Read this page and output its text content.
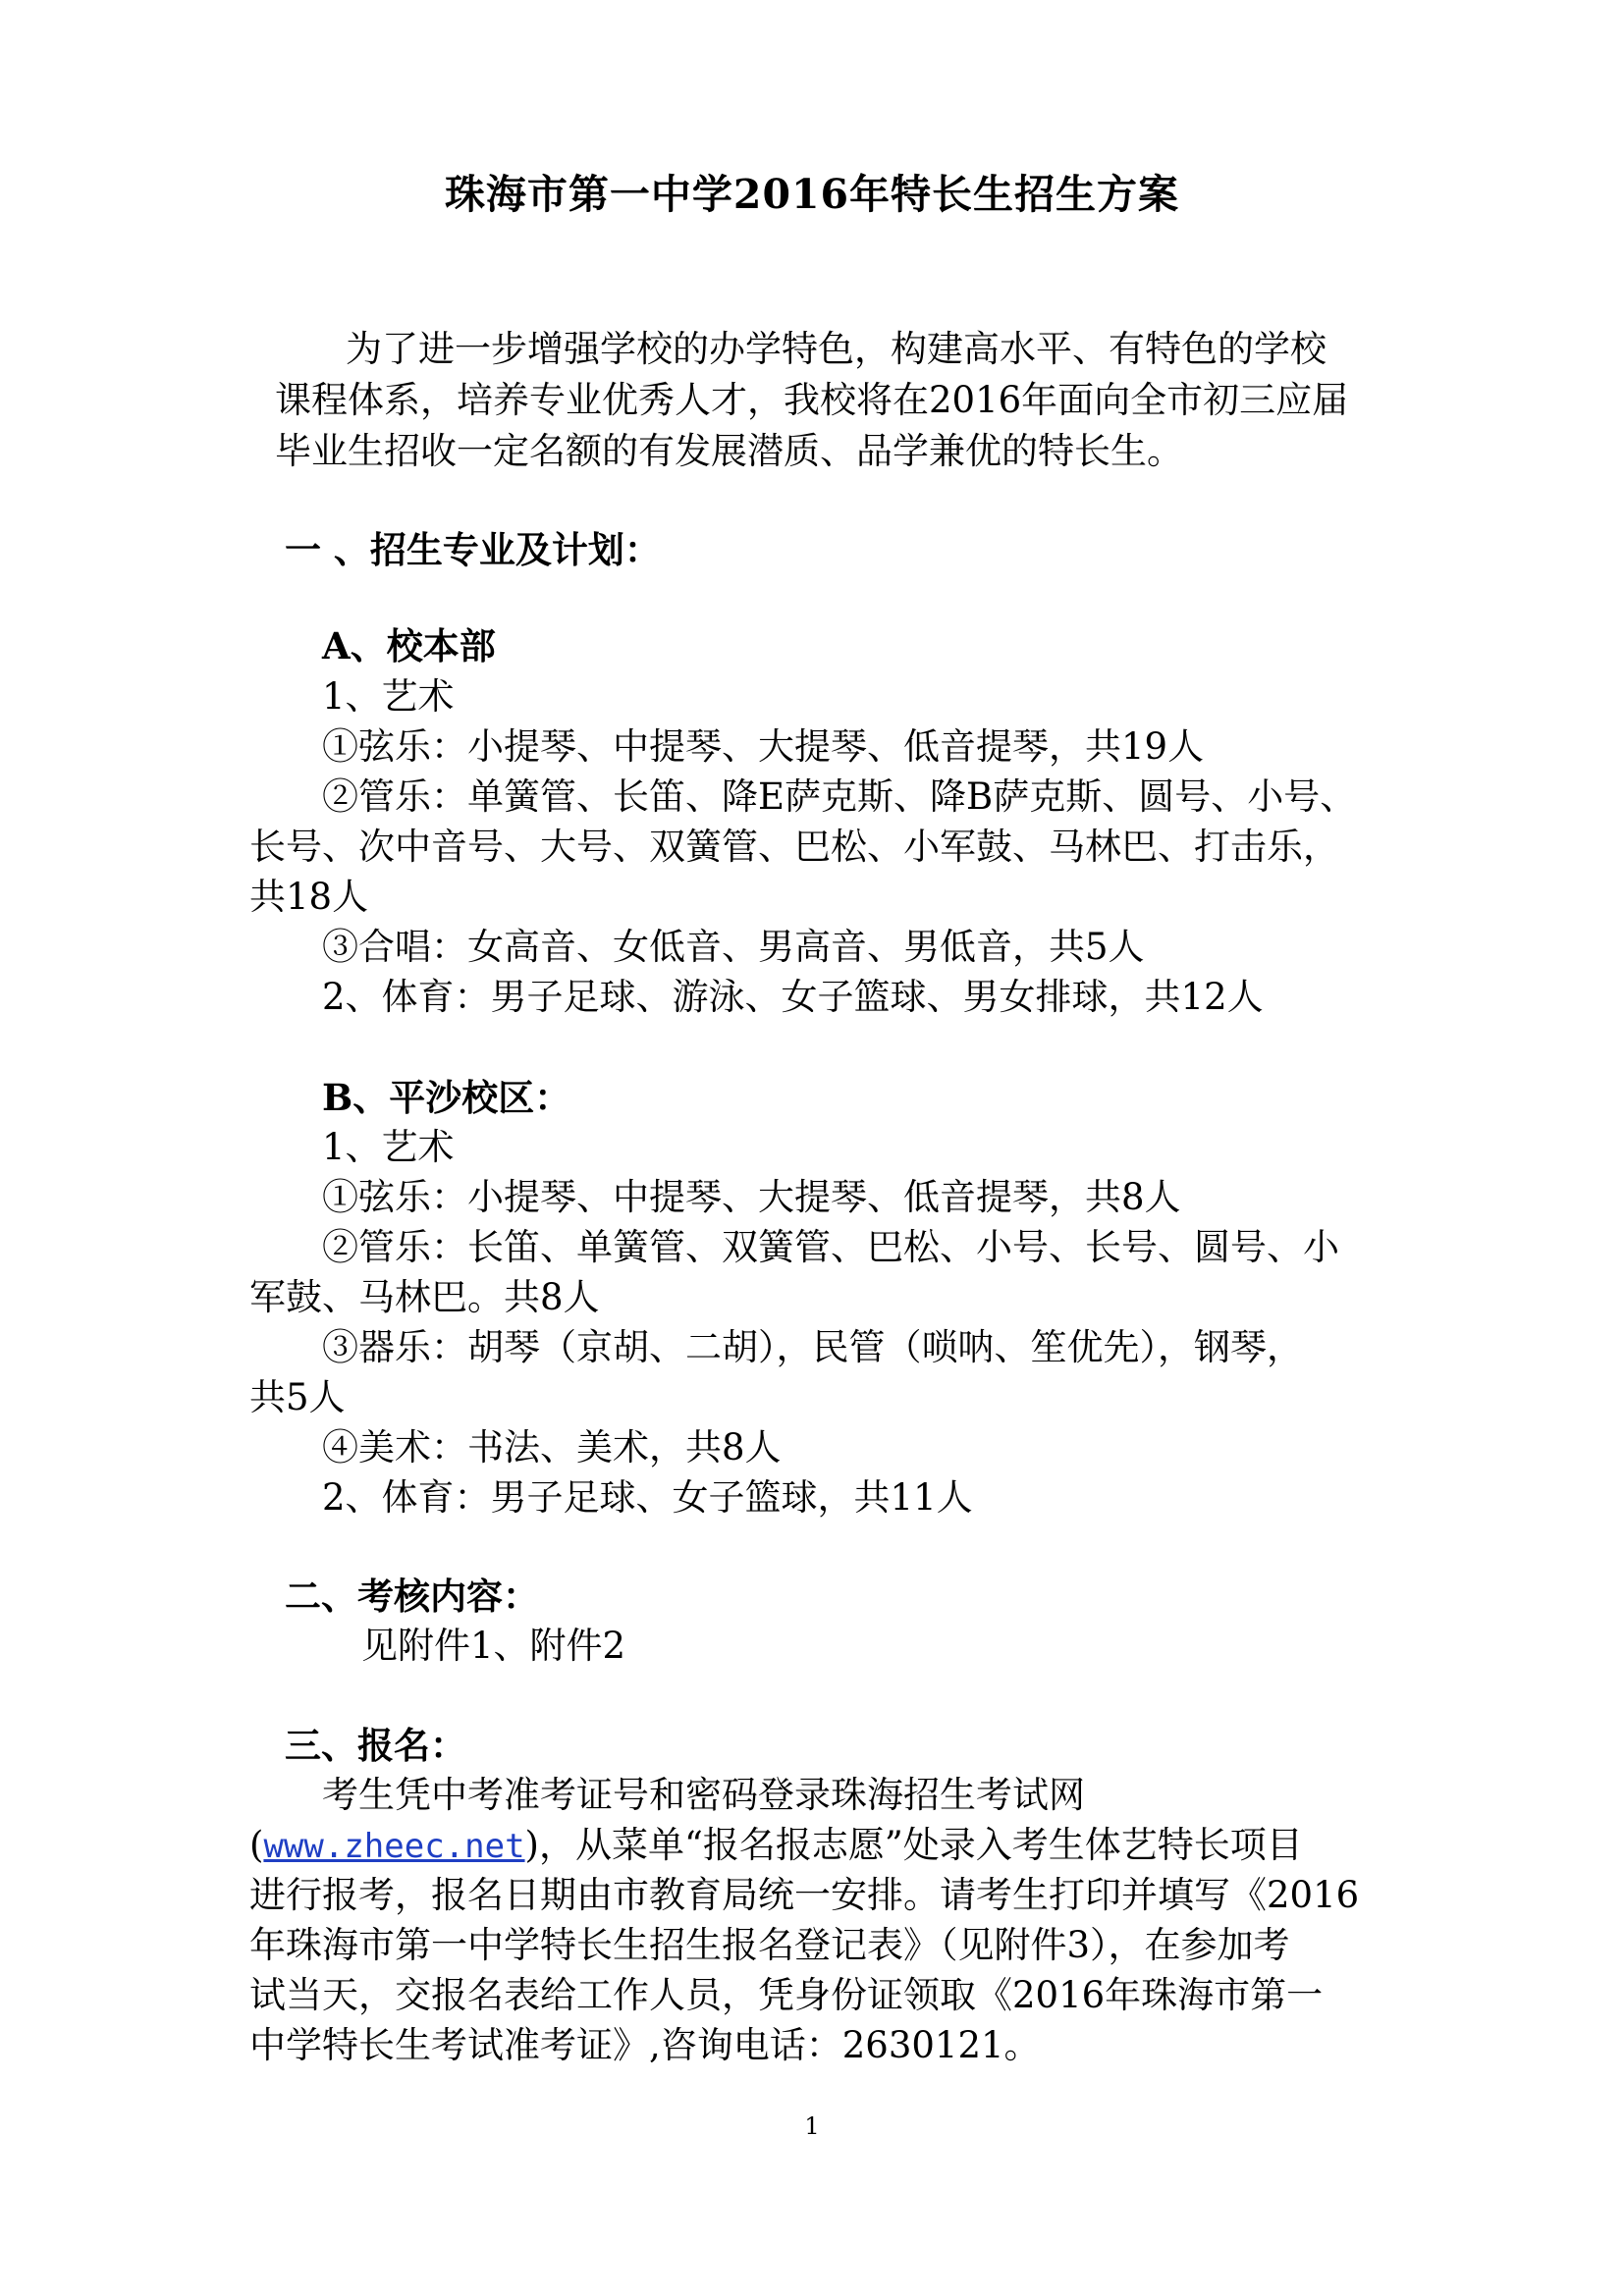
珠海市第一中学2016年特长生招生方案
为了进一步增强学校的办学特色，构建高水平、有特色的学校
课程体系，培养专业优秀人才，我校将在2016年面向全市初三应届
毕业生招收一定名额的有发展潜质、品学兼优的特长生。
一 、招生专业及计划：
A、校本部
1、艺术
①弦乐：小提琴、中提琴、大提琴、低音提琴，共19人
②管乐：单簧管、长笛、降E萨克斯、降B萨克斯、圆号、小号、
长号、次中音号、大号、双簧管、巴松、小军鼓、马林巴、打击乐，
共18人
③合唱：女高音、女低音、男高音、男低音，共5人
2、体育：男子足球、游泳、女子篮球、男女排球，共12人
B、平沙校区：
1、艺术
①弦乐：小提琴、中提琴、大提琴、低音提琴，共8人
②管乐：长笛、单簧管、双簧管、巴松、小号、长号、圆号、小
军鼓、马林巴。共8人
③器乐：胡琴（京胡、二胡），民管（唢呐、笙优先），钢琴，
共5人
④美术：书法、美术，共8人
2、体育：男子足球、女子篮球，共11人
二、考核内容：
见附件1、附件2
三、报名：
考生凭中考准考证号和密码登录珠海招生考试网
(www.zheec.net)，从菜单“报名报志愿”处录入考生体艺特长项目
进行报考，报名日期由市教育局统一安排。请考生打印并填写《2016
年珠海市第一中学特长生招生报名登记表》（见附件3），在参加考
试当天，交报名表给工作人员，凭身份证领取《2016年珠海市第一
中学特长生考试准考证》,咨询电话：2630121。
1
